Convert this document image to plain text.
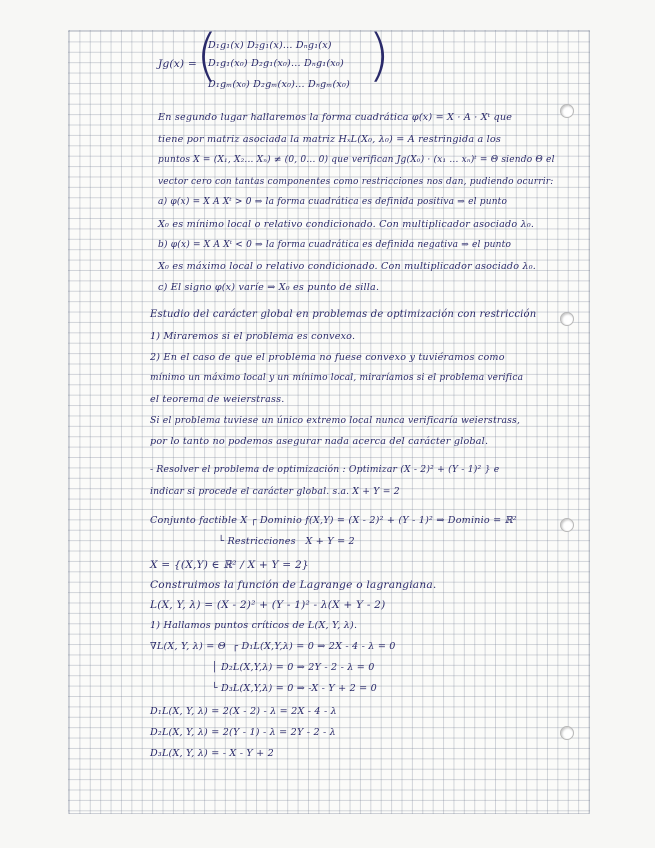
Jg(x) = (
D₁g₁(x) D₂g₁(x)... Dₙg₁(x)
D₁g₁(x₀) D₂g₁(x₀)... Dₙg₁(x₀)
D₁gₘ(x₀) D₂gₘ(x₀)... Dₙgₘ(x₀) )
En segundo lugar hallaremos la forma cuadrática φ(x) = X · A · Xᵗ que
tiene por matriz asociada la matriz HₓL(X₀, λ₀) = A restringida a los
puntos X = (X₁, X₂... Xₙ) ≠ (0, 0... 0) que verifican Jg(X₀) · (x₁ ... xₙ)ᵗ = Θ siendo Θ el
vector cero con tantas componentes como restricciones nos dan, pudiendo ocurrir:
a) φ(x) = X A Xᵗ > 0 ⇒ la forma cuadrática es definida positiva ⇒ el punto
X₀ es mínimo local o relativo condicionado. Con multiplicador asociado λ₀.
b) φ(x) = X A Xᵗ < 0 ⇒ la forma cuadrática es definida negativa ⇒ el punto
X₀ es máximo local o relativo condicionado. Con multiplicador asociado λ₀.
c) El signo φ(x) varíe ⇒ X₀ es punto de silla.
Estudio del carácter global en problemas de optimización con restricción
1) Miraremos si el problema es convexo.
2) En el caso de que el problema no fuese convexo y tuviéramos como
mínimo un máximo local y un mínimo local, miraríamos si el problema verifica
el teorema de weierstrass.
Si el problema tuviese un único extremo local nunca verificaría weierstrass,
por lo tanto no podemos asegurar nada acerca del carácter global.
- Resolver el problema de optimización : Optimizar (X - 2)² + (Y - 1)² } e
indicar si procede el carácter global. s.a. X + Y = 2
Conjunto factible X ┌ Dominio f(X,Y) = (X - 2)² + (Y - 1)² ⇒ Dominio = ℝ²
└ Restricciones   X + Y = 2
X = {(X,Y) ∈ ℝ² / X + Y = 2}
Construimos la función de Lagrange o lagrangiana.
L(X, Y, λ) = (X - 2)² + (Y - 1)² - λ(X + Y - 2)
1) Hallamos puntos críticos de L(X, Y, λ).
∇L(X, Y, λ) = Θ  ┌ D₁L(X,Y,λ) = 0 ⇒ 2X - 4 - λ = 0
│ D₂L(X,Y,λ) = 0 ⇒ 2Y - 2 - λ = 0
└ D₃L(X,Y,λ) = 0 ⇒ -X - Y + 2 = 0
D₁L(X, Y, λ) = 2(X - 2) - λ = 2X - 4 - λ
D₂L(X, Y, λ) = 2(Y - 1) - λ = 2Y - 2 - λ
D₃L(X, Y, λ) = - X - Y + 2
